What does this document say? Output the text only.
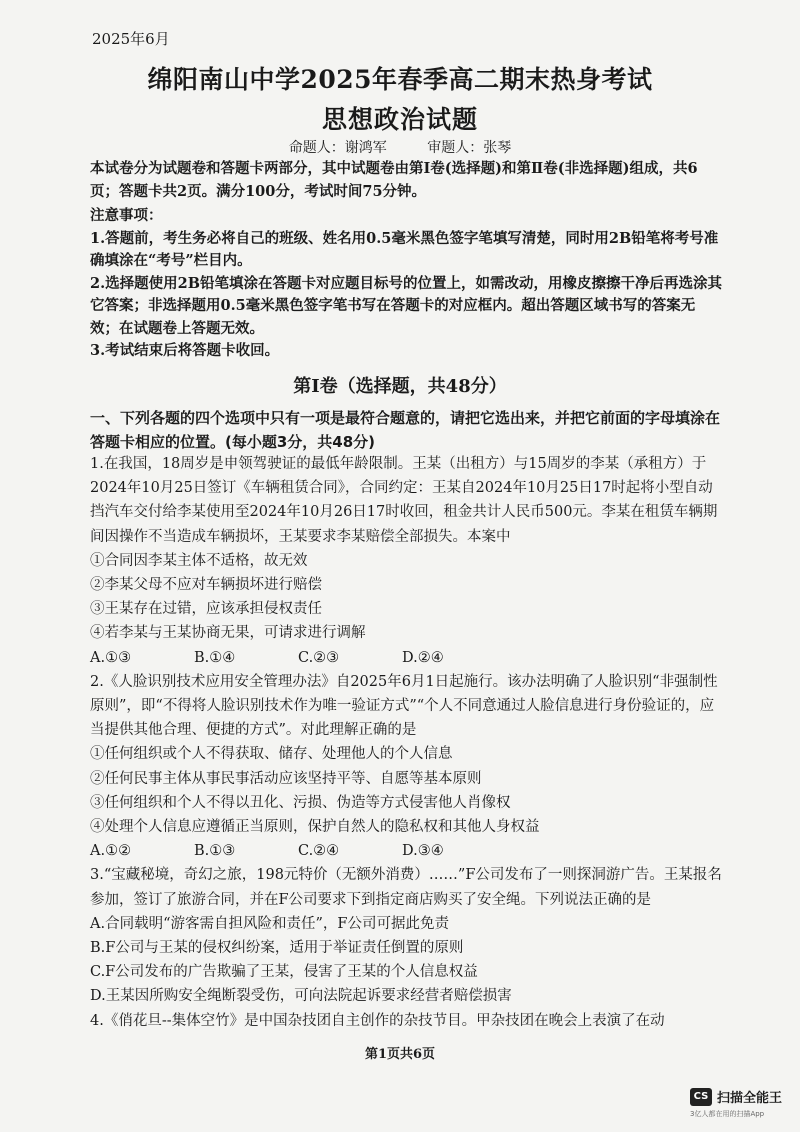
2025年6月
绵阳南山中学2025年春季高二期末热身考试
思想政治试题
命题人：谢鸿军	审题人：张琴
本试卷分为试题卷和答题卡两部分，其中试题卷由第Ⅰ卷(选择题)和第Ⅱ卷(非选择题)组成，共6页；答题卡共2页。满分100分，考试时间75分钟。
注意事项：
1.答题前，考生务必将自己的班级、姓名用0.5毫米黑色签字笔填写清楚，同时用2B铅笔将考号准确填涂在“考号”栏目内。
2.选择题使用2B铅笔填涂在答题卡对应题目标号的位置上，如需改动，用橡皮擦擦干净后再选涂其它答案；非选择题用0.5毫米黑色签字笔书写在答题卡的对应框内。超出答题区域书写的答案无效；在试题卷上答题无效。
3.考试结束后将答题卡收回。
第Ⅰ卷（选择题，共48分）
一、下列各题的四个选项中只有一项是最符合题意的，请把它选出来，并把它前面的字母填涂在答题卡相应的位置。(每小题3分，共48分)
1.在我国，18周岁是申领驾驶证的最低年龄限制。王某（出租方）与15周岁的李某（承租方）于2024年10月25日签订《车辆租赁合同》，合同约定：王某自2024年10月25日17时起将小型自动挡汽车交付给李某使用至2024年10月26日17时收回，租金共计人民币500元。李某在租赁车辆期间因操作不当造成车辆损坏，王某要求李某赔偿全部损失。本案中
①合同因李某主体不适格，故无效
②李某父母不应对车辆损坏进行赔偿
③王某存在过错，应该承担侵权责任
④若李某与王某协商无果，可请求进行调解
A.①③	B.①④	C.②③	D.②④
2.《人脸识别技术应用安全管理办法》自2025年6月1日起施行。该办法明确了人脸识别“非强制性原则”，即“不得将人脸识别技术作为唯一验证方式”“个人不同意通过人脸信息进行身份验证的，应当提供其他合理、便捷的方式”。对此理解正确的是
①任何组织或个人不得获取、储存、处理他人的个人信息
②任何民事主体从事民事活动应该坚持平等、自愿等基本原则
③任何组织和个人不得以丑化、污损、伪造等方式侵害他人肖像权
④处理个人信息应遵循正当原则，保护自然人的隐私权和其他人身权益
A.①②	B.①③	C.②④	D.③④
3.“宝藏秘境，奇幻之旅，198元特价（无额外消费）……”F公司发布了一则探洞游广告。王某报名参加，签订了旅游合同，并在F公司要求下到指定商店购买了安全绳。下列说法正确的是
A.合同载明“游客需自担风险和责任”，F公司可据此免责
B.F公司与王某的侵权纠纷案，适用于举证责任倒置的原则
C.F公司发布的广告欺骗了王某，侵害了王某的个人信息权益
D.王某因所购安全绳断裂受伤，可向法院起诉要求经营者赔偿损害
4.《俏花旦--集体空竹》是中国杂技团自主创作的杂技节目。甲杂技团在晚会上表演了在动
第1页共6页
CS 扫描全能王
3亿人都在用的扫描App
